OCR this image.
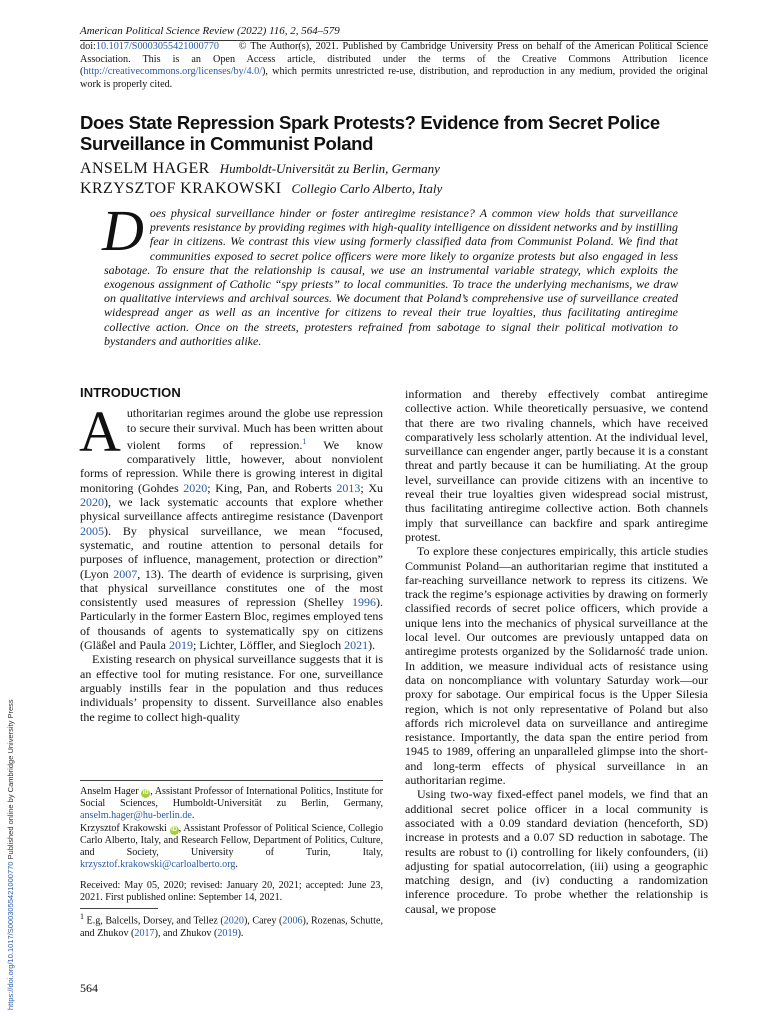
American Political Science Review (2022) 116, 2, 564–579
doi:10.1017/S0003055421000770 © The Author(s), 2021. Published by Cambridge University Press on behalf of the American Political Science Association. This is an Open Access article, distributed under the terms of the Creative Commons Attribution licence (http://creativecommons.org/licenses/by/4.0/), which permits unrestricted re-use, distribution, and reproduction in any medium, provided the original work is properly cited.
Does State Repression Spark Protests? Evidence from Secret Police Surveillance in Communist Poland
ANSELM HAGER Humboldt-Universität zu Berlin, Germany
KRZYSZTOF KRAKOWSKI Collegio Carlo Alberto, Italy
Does physical surveillance hinder or foster antiregime resistance? A common view holds that surveillance prevents resistance by providing regimes with high-quality intelligence on dissident networks and by instilling fear in citizens. We contrast this view using formerly classified data from Communist Poland. We find that communities exposed to secret police officers were more likely to organize protests but also engaged in less sabotage. To ensure that the relationship is causal, we use an instrumental variable strategy, which exploits the exogenous assignment of Catholic “spy priests” to local communities. To trace the underlying mechanisms, we draw on qualitative interviews and archival sources. We document that Poland’s comprehensive use of surveillance created widespread anger as well as an incentive for citizens to reveal their true loyalties, thus facilitating antiregime collective action. Once on the streets, protesters refrained from sabotage to signal their political motivation to bystanders and authorities alike.
INTRODUCTION

Authoritarian regimes around the globe use repression to secure their survival. Much has been written about violent forms of repression.$^1$ We know comparatively little, however, about nonviolent forms of repression. While there is growing interest in digital monitoring (Gohdes 2020; King, Pan, and Roberts 2013; Xu 2020), we lack systematic accounts that explore whether physical surveillance affects antiregime resistance (Davenport 2005). By physical surveillance, we mean “focused, systematic, and routine attention to personal details for purposes of influence, management, protection or direction” (Lyon 2007, 13). The dearth of evidence is surprising, given that physical surveillance constitutes one of the most consistently used measures of repression (Shelley 1996). Particularly in the former Eastern Bloc, regimes employed tens of thousands of agents to systematically spy on citizens (Gläßel and Paula 2019; Lichter, Löffler, and Siegloch 2021).

Existing research on physical surveillance suggests that it is an effective tool for muting resistance. For one, surveillance arguably instills fear in the population and thus reduces individuals’ propensity to dissent. Surveillance also enables the regime to collect high-quality

information and thereby effectively combat antiregime collective action. While theoretically persuasive, we contend that there are two rivaling channels, which have received comparatively less scholarly attention. At the individual level, surveillance can engender anger, partly because it is a constant threat and partly because it can be humiliating. At the group level, surveillance can provide citizens with an incentive to reveal their true loyalties given widespread social mistrust, thus facilitating antiregime collective action. Both channels imply that surveillance can backfire and spark antiregime protest.

To explore these conjectures empirically, this article studies Communist Poland—an authoritarian regime that instituted a far-reaching surveillance network to repress its citizens. We track the regime’s espionage activities by drawing on formerly classified records of secret police officers, which provide a unique lens into the mechanics of physical surveillance at the local level. Our outcomes are previously untapped data on antiregime protests organized by the Solidarność trade union. In addition, we measure individual acts of resistance using data on noncompliance with voluntary Saturday work—our proxy for sabotage. Our empirical focus is the Upper Silesia region, which is not only representative of Poland but also affords rich microlevel data on surveillance and antiregime resistance. Importantly, the data span the entire period from 1945 to 1989, offering an unparalleled glimpse into the short- and long-term effects of physical surveillance in an authoritarian regime.

Using two-way fixed-effect panel models, we find that an additional secret police officer in a local community is associated with a 0.09 standard deviation (henceforth, SD) increase in protests and a 0.07 SD reduction in sabotage. The results are robust to (i) controlling for likely confounders, (ii) adjusting for spatial autocorrelation, (iii) using a geographic matching design, and (iv) conducting a randomization inference procedure. To probe whether the relationship is causal, we propose

Anselm Hager iD , Assistant Professor of International Politics, Institute for Social Sciences, Humboldt-Universität zu Berlin, Germany, anselm.hager@hu-berlin.de.

Krzysztof Krakowski iD , Assistant Professor of Political Science, Collegio Carlo Alberto, Italy, and Research Fellow, Department of Politics, Culture, and Society, University of Turin, Italy, krzysztof.krakowski@carloalberto.org.

Received: May 05, 2020; revised: January 20, 2021; accepted: June 23, 2021. First published online: September 14, 2021.
$^1$ E.g, Balcells, Dorsey, and Tellez (2020), Carey (2006), Rozenas, Schutte, and Zhukov (2017), and Zhukov (2019).
564
https://doi.org/10.1017/S0003055421000770 Published online by Cambridge University Press
